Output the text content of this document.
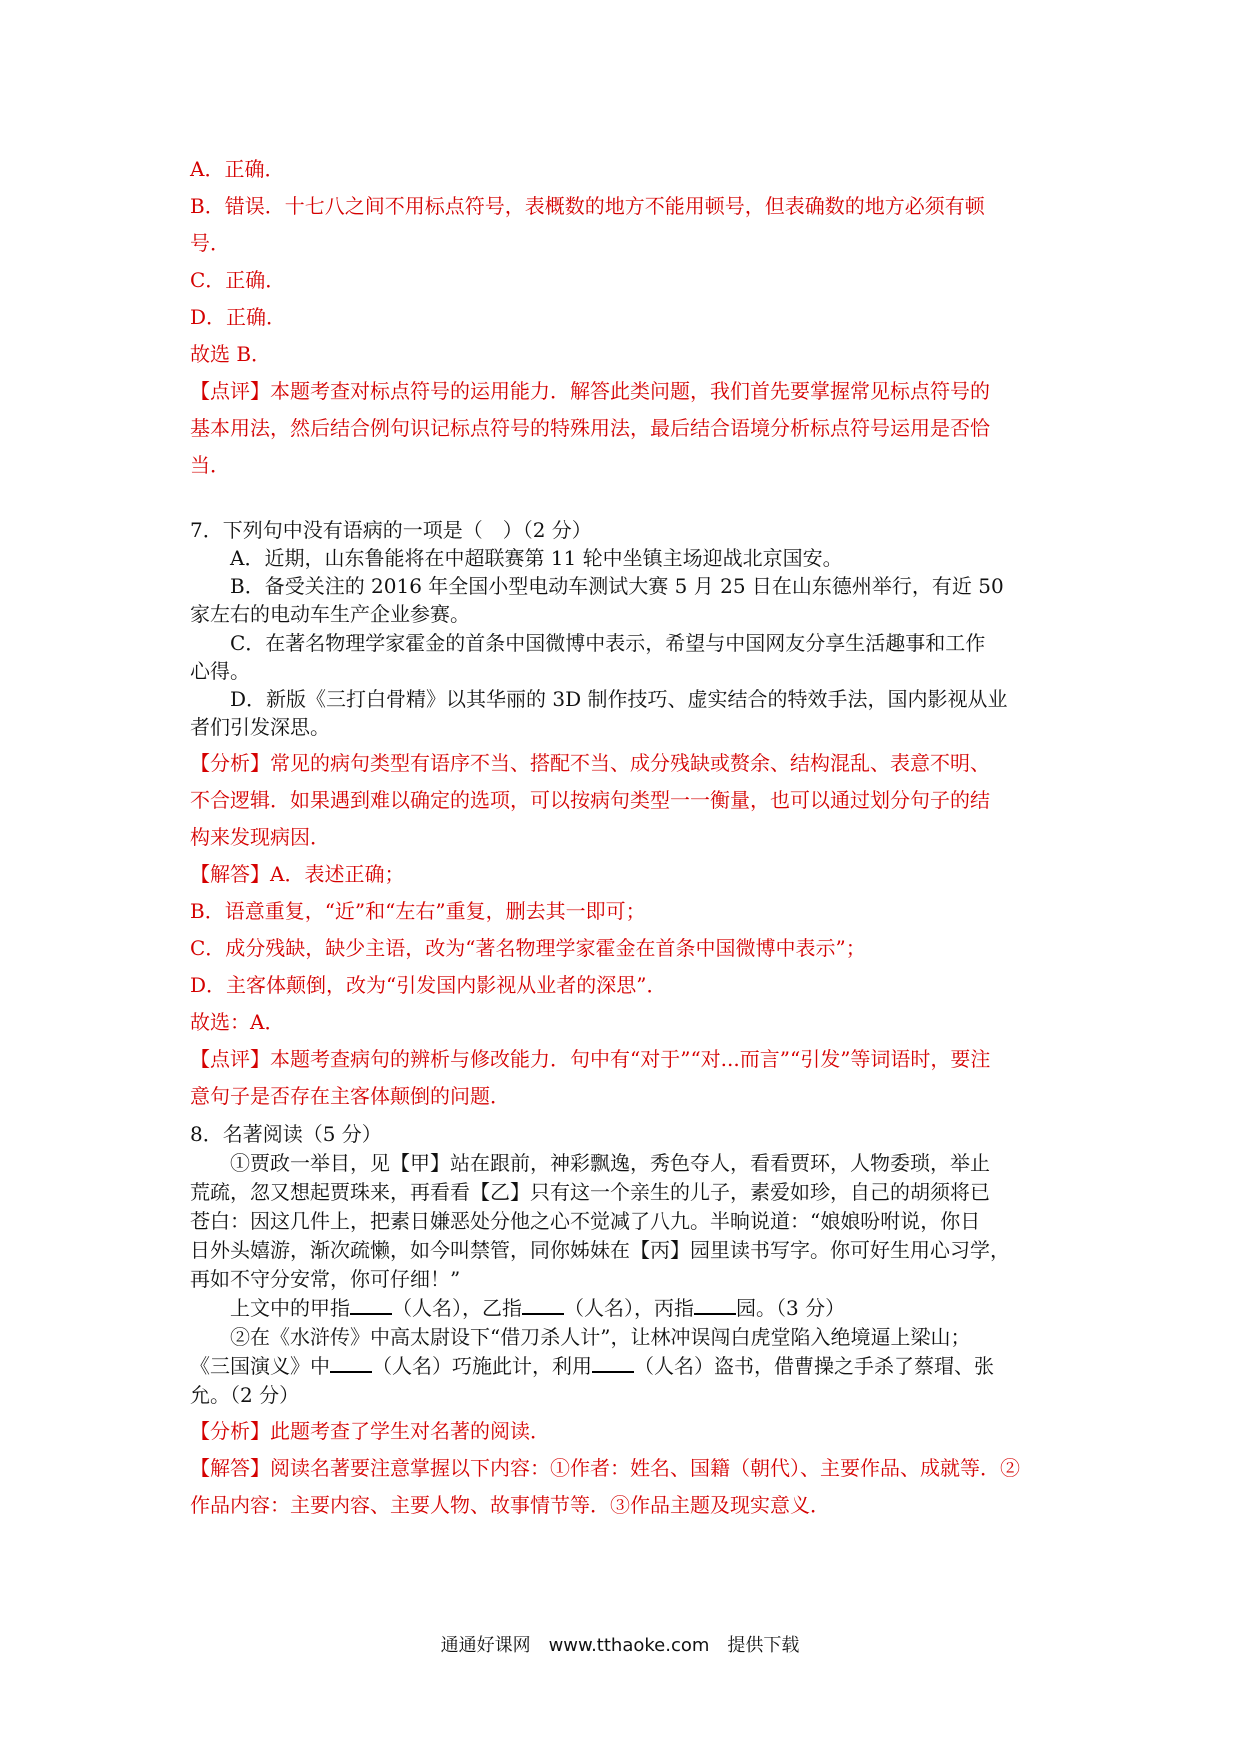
A．正确．
B．错误．十七八之间不用标点符号，表概数的地方不能用顿号，但表确数的地方必须有顿
号．
C．正确．
D．正确．
故选 B．
【点评】本题考查对标点符号的运用能力．解答此类问题，我们首先要掌握常见标点符号的
基本用法，然后结合例句识记标点符号的特殊用法，最后结合语境分析标点符号运用是否恰
当．
7．下列句中没有语病的一项是（　）（2 分）
A．近期，山东鲁能将在中超联赛第 11 轮中坐镇主场迎战北京国安。
B．备受关注的 2016 年全国小型电动车测试大赛 5 月 25 日在山东德州举行，有近 50
家左右的电动车生产企业参赛。
C．在著名物理学家霍金的首条中国微博中表示，希望与中国网友分享生活趣事和工作
心得。
D．新版《三打白骨精》以其华丽的 3D 制作技巧、虚实结合的特效手法，国内影视从业
者们引发深思。
【分析】常见的病句类型有语序不当、搭配不当、成分残缺或赘余、结构混乱、表意不明、
不合逻辑．如果遇到难以确定的选项，可以按病句类型一一衡量，也可以通过划分句子的结
构来发现病因．
【解答】A．表述正确；
B．语意重复，“近”和“左右”重复，删去其一即可；
C．成分残缺，缺少主语，改为“著名物理学家霍金在首条中国微博中表示”；
D．主客体颠倒，改为“引发国内影视从业者的深思”．
故选：A．
【点评】本题考查病句的辨析与修改能力．句中有“对于”“对...而言”“引发”等词语时，要注
意句子是否存在主客体颠倒的问题．
8．名著阅读（5 分）
①贾政一举目，见【甲】站在跟前，神彩飘逸，秀色夺人，看看贾环，人物委琐，举止
荒疏，忽又想起贾珠来，再看看【乙】只有这一个亲生的儿子，素爱如珍，自己的胡须将已
苍白：因这几件上，把素日嫌恶处分他之心不觉减了八九。半晌说道：“娘娘吩咐说，你日
日外头嬉游，渐次疏懒，如今叫禁管，同你姊妹在【丙】园里读书写字。你可好生用心习学，
再如不守分安常，你可仔细！”
上文中的甲指 （人名），乙指 （人名），丙指 园。（3 分）
②在《水浒传》中高太尉设下“借刀杀人计”，让林冲误闯白虎堂陷入绝境逼上梁山；
《三国演义》中 （人名）巧施此计，利用 （人名）盗书，借曹操之手杀了蔡瑁、张
允。（2 分）
【分析】此题考查了学生对名著的阅读．
【解答】阅读名著要注意掌握以下内容：①作者：姓名、国籍（朝代）、主要作品、成就等．②
作品内容：主要内容、主要人物、故事情节等．③作品主题及现实意义．
通通好课网　www.tthaoke.com　提供下载
